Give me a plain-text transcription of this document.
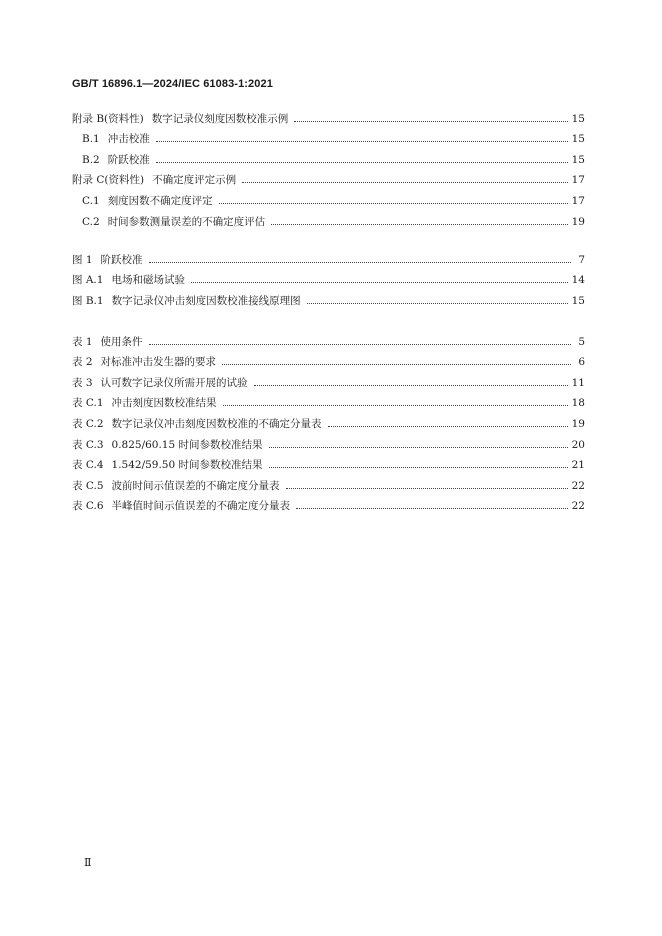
GB/T 16896.1—2024/IEC 61083-1:2021
附录 B(资料性) 数字记录仪刻度因数校准示例	15
B.1 冲击校准	15
B.2 阶跃校准	15
附录 C(资料性) 不确定度评定示例	17
C.1 刻度因数不确定度评定	17
C.2 时间参数测量误差的不确定度评估	19
图 1 阶跃校准	7
图 A.1 电场和磁场试验	14
图 B.1 数字记录仪冲击刻度因数校准接线原理图	15
表 1 使用条件	5
表 2 对标准冲击发生器的要求	6
表 3 认可数字记录仪所需开展的试验	11
表 C.1 冲击刻度因数校准结果	18
表 C.2 数字记录仪冲击刻度因数校准的不确定分量表	19
表 C.3 0.825/60.15 时间参数校准结果	20
表 C.4 1.542/59.50 时间参数校准结果	21
表 C.5 波前时间示值误差的不确定度分量表	22
表 C.6 半峰值时间示值误差的不确定度分量表	22
Ⅱ
